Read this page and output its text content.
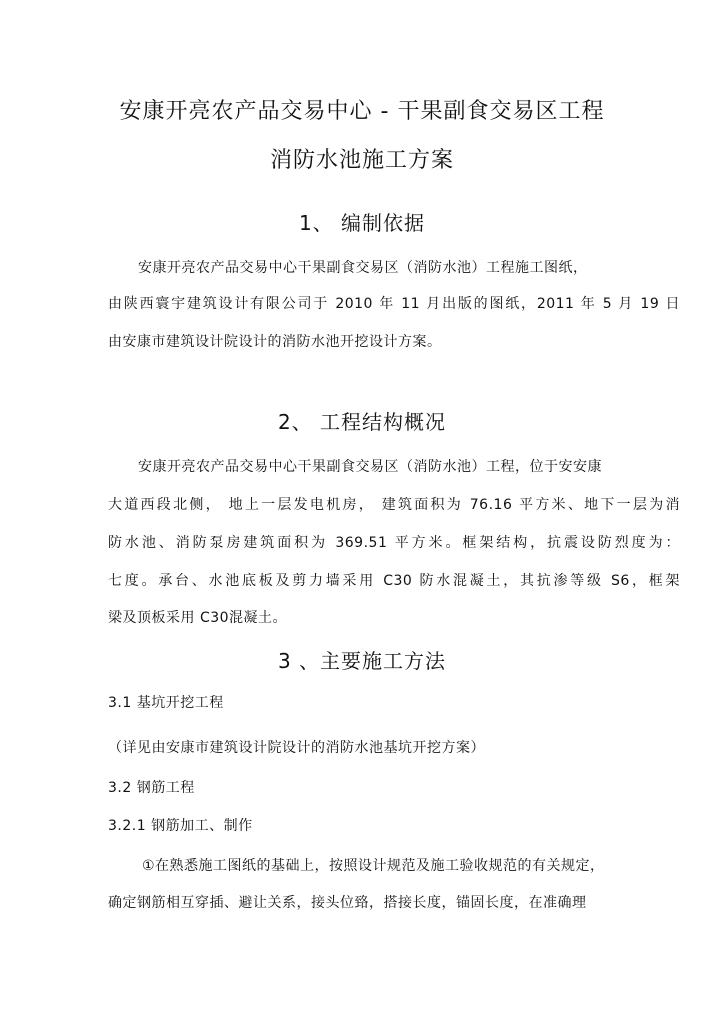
安康开亮农产品交易中心 - 干果副食交易区工程

消防水池施工方案

1、 编制依据

安康开亮农产品交易中心干果副食交易区（消防水池）工程施工图纸，

由陕西寰宇建筑设计有限公司于 2010 年 11 月出版的图纸，2011 年 5 月 19 日

由安康市建筑设计院设计的消防水池开挖设计方案。

2、 工程结构概况

安康开亮农产品交易中心干果副食交易区（消防水池）工程，位于安安康

大道西段北侧， 地上一层发电机房， 建筑面积为 76.16 平方米、地下一层为消

防水池、消防泵房建筑面积为 369.51 平方米。框架结构，抗震设防烈度为：

七度。承台、水池底板及剪力墙采用 C30 防水混凝土，其抗渗等级 S6，框架

梁及顶板采用 C30混凝土。

3 、主要施工方法

3.1 基坑开挖工程

（详见由安康市建筑设计院设计的消防水池基坑开挖方案）

3.2 钢筋工程

3.2.1 钢筋加工、制作

①在熟悉施工图纸的基础上，按照设计规范及施工验收规范的有关规定，

确定钢筋相互穿插、避让关系，接头位臵，搭接长度，锚固长度，在准确理
